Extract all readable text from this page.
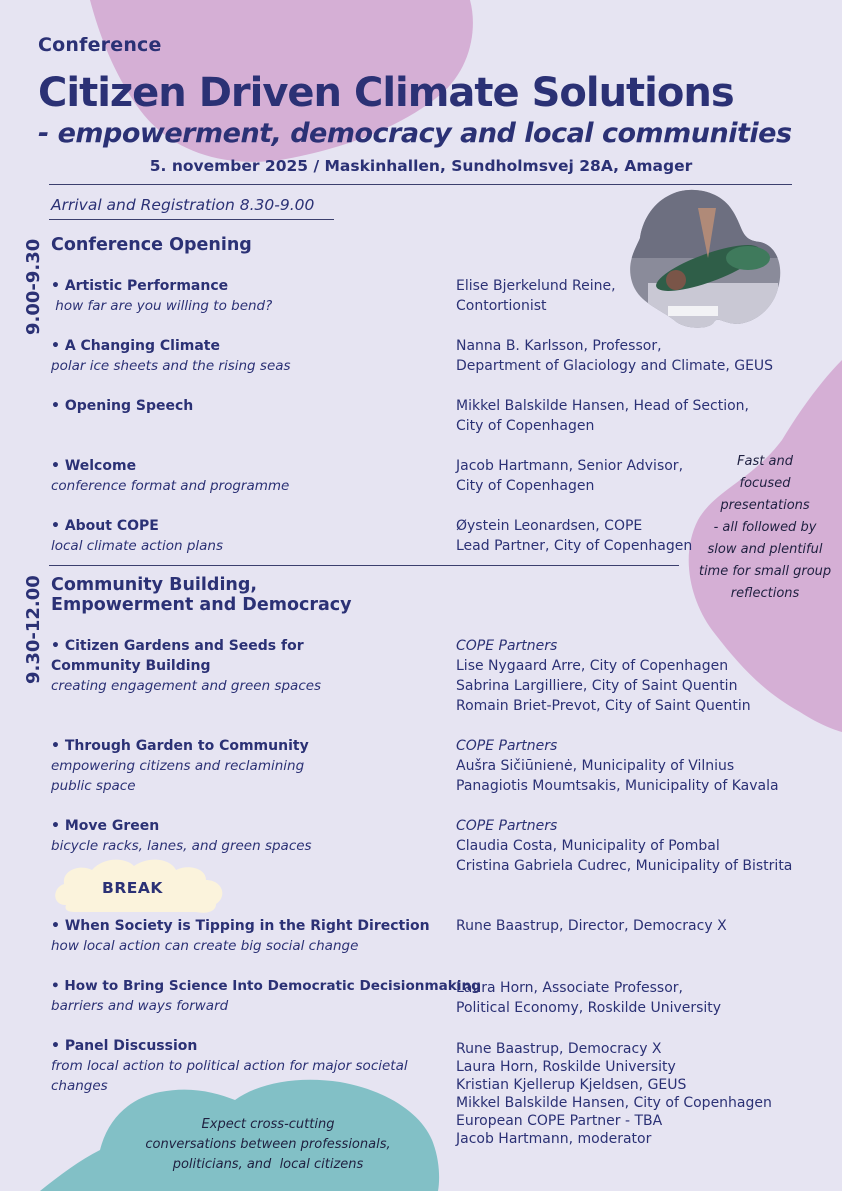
Conference
Citizen Driven Climate Solutions
- empowerment, democracy and local communities
5. november 2025 / Maskinhallen, Sundholmsvej 28A, Amager
Arrival and Registration 8.30-9.00
9.00-9.30 Conference Opening
• Artistic Performance
how far are you willing to bend?
Elise Bjerkelund Reine,
Contortionist
• A Changing Climate
polar ice sheets and the rising seas
Nanna B. Karlsson, Professor,
Department of Glaciology and Climate, GEUS
• Opening Speech	Mikkel Balskilde Hansen, Head of Section,
City of Copenhagen
• Welcome
conference format and programme
Jacob Hartmann, Senior Advisor,
City of Copenhagen
• About COPE
local climate action plans
Øystein Leonardsen, COPE
Lead Partner, City of Copenhagen
9.30-12.00 Community Building,
Empowerment and Democracy
• Citizen Gardens and Seeds for
Community Building
creating engagement and green spaces
COPE Partners
Lise Nygaard Arre, City of Copenhagen
Sabrina Largilliere, City of Saint Quentin
Romain Briet-Prevot, City of Saint Quentin
• Through Garden to Community
empowering citizens and reclamining
public space
COPE Partners
Aušra Sičiūnienė, Municipality of Vilnius
Panagiotis Moumtsakis, Municipality of Kavala
• Move Green
bicycle racks, lanes, and green spaces
COPE Partners
Claudia Costa, Municipality of Pombal
Cristina Gabriela Cudrec, Municipality of Bistrita
BREAK
• When Society is Tipping in the Right Direction
how local action can create big social change
Rune Baastrup, Director, Democracy X
• How to Bring Science Into Democratic Decisionmaking
barriers and ways forward
Laura Horn, Associate Professor,
Political Economy, Roskilde University
• Panel Discussion
from local action to political action for major societal
changes
Rune Baastrup, Democracy X
Laura Horn, Roskilde University
Kristian Kjellerup Kjeldsen, GEUS
Mikkel Balskilde Hansen, City of Copenhagen
European COPE Partner - TBA
Jacob Hartmann, moderator
Fast and
focused
presentations
- all followed by
slow and plentiful
time for small group
reflections
Expect cross-cutting
conversations between professionals,
politicians, and  local citizens
